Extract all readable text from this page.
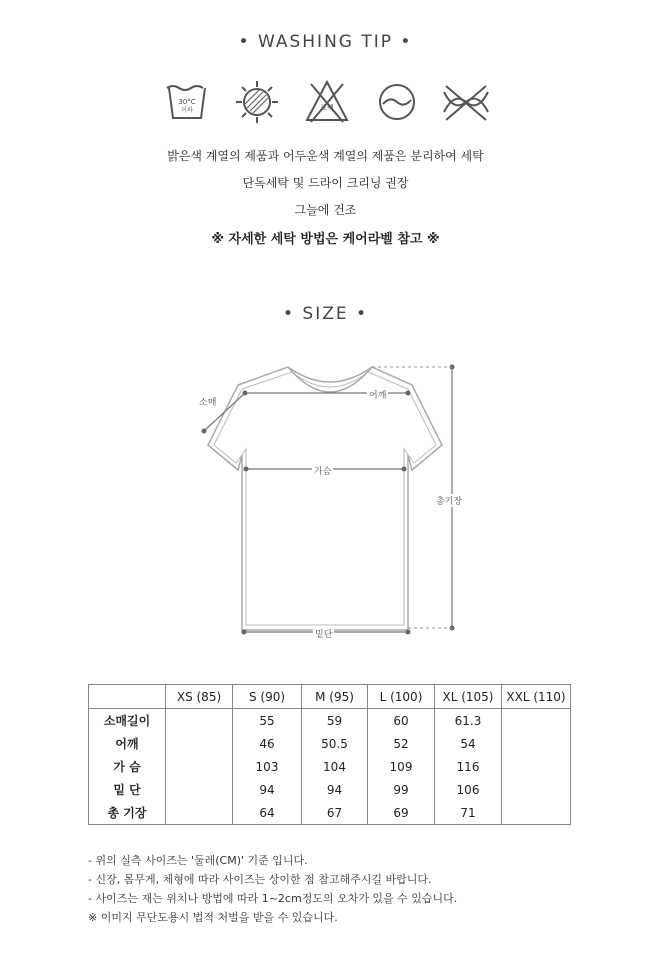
• WASHING TIP •
30°C
이하	표백
밝은색 계열의 제품과 어두운색 계열의 제품은 분리하여 세탁
단독세탁 및 드라이 크리닝 권장
그늘에 건조
※ 자세한 세탁 방법은 케어라벨 참고 ※
• SIZE •
소매
어깨
가슴
총기장
밑단
	XS (85)	S (90)	M (95)	L (100)	XL (105)	XXL (110)
소매길이		55	59	60	61.3	
어깨		46	50.5	52	54	
가 슴		103	104	109	116	
밑 단		94	94	99	106	
총 기장		64	67	69	71	
- 위의 실측 사이즈는 '둘레(CM)' 기준 입니다.
- 신장, 몸무게, 체형에 따라 사이즈는 상이한 점 참고해주시길 바랍니다.
- 사이즈는 재는 위치나 방법에 따라 1~2cm정도의 오차가 있을 수 있습니다.
※ 이미지 무단도용시 법적 처벌을 받을 수 있습니다.
